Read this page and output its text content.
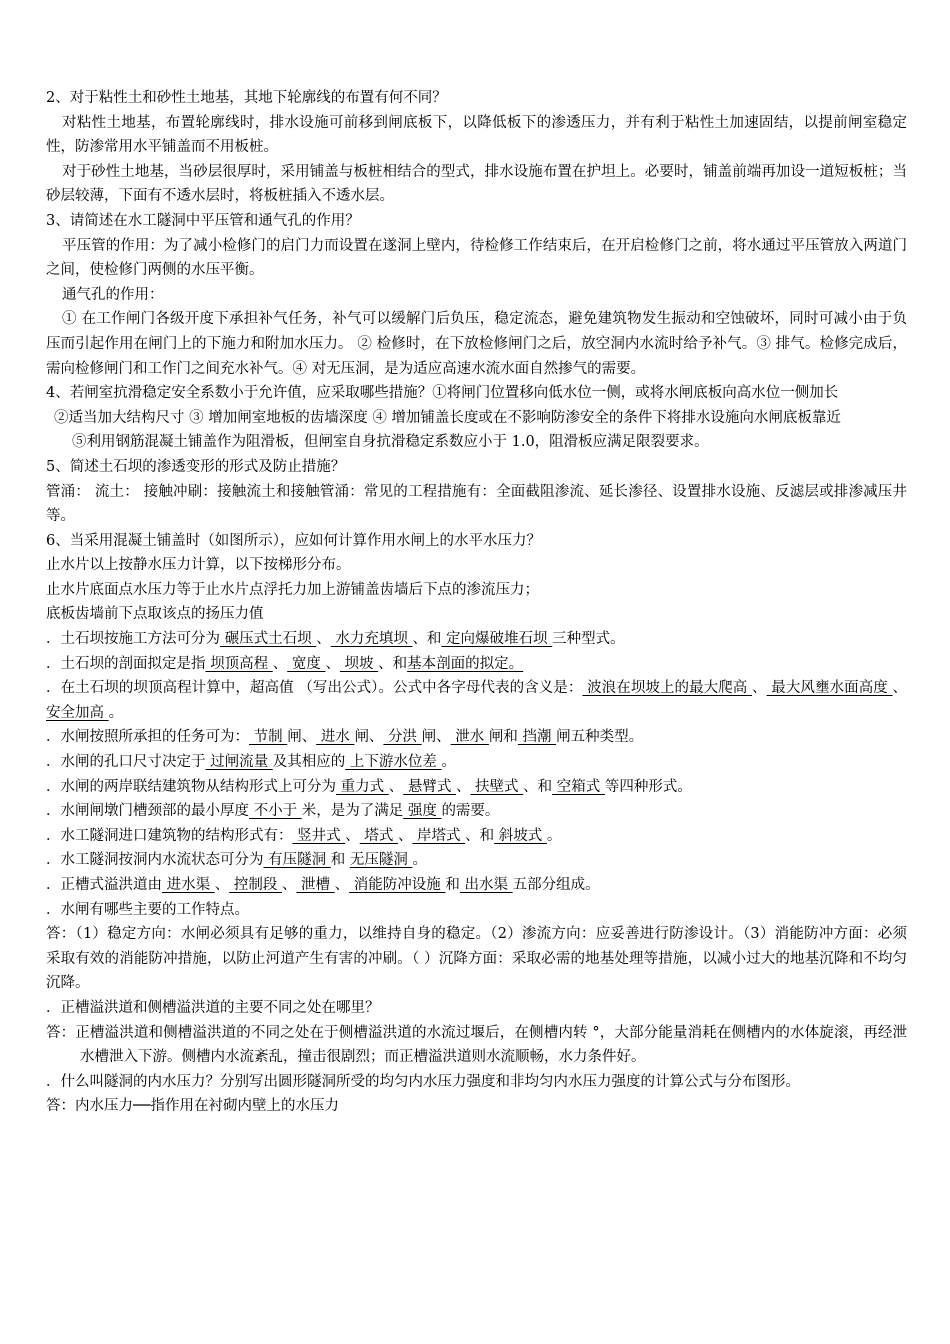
2、对于粘性土和砂性土地基，其地下轮廓线的布置有何不同？

对粘性土地基，布置轮廓线时，排水设施可前移到闸底板下，以降低板下的渗透压力，并有利于粘性土加速固结，以提前闸室稳定性，防渗常用水平铺盖而不用板桩。

对于砂性土地基，当砂层很厚时，采用铺盖与板桩相结合的型式，排水设施布置在护坦上。必要时，铺盖前端再加设一道短板桩；当砂层较薄，下面有不透水层时，将板桩插入不透水层。

3、请简述在水工隧洞中平压管和通气孔的作用？

平压管的作用：为了减小检修门的启门力而设置在遂洞上壁内，待检修工作结束后，在开启检修门之前，将水通过平压管放入两道门之间，使检修门两侧的水压平衡。

通气孔的作用：

① 在工作闸门各级开度下承担补气任务，补气可以缓解门后负压，稳定流态，避免建筑物发生振动和空蚀破坏，同时可减小由于负压而引起作用在闸门上的下施力和附加水压力。 ② 检修时，在下放检修闸门之后，放空洞内水流时给予补气。③ 排气。检修完成后，需向检修闸门和工作门之间充水补气。④ 对无压洞，是为适应高速水流水面自然掺气的需要。

4、若闸室抗滑稳定安全系数小于允许值，应采取哪些措施？①将闸门位置移向低水位一侧，或将水闸底板向高水位一侧加长

②适当加大结构尺寸 ③ 增加闸室地板的齿墙深度 ④ 增加铺盖长度或在不影响防渗安全的条件下将排水设施向水闸底板靠近

⑤利用钢筋混凝土铺盖作为阻滑板，但闸室自身抗滑稳定系数应小于 1.0，阻滑板应满足限裂要求。

5、简述土石坝的渗透变形的形式及防止措施？

管涌： 流土： 接触冲刷：接触流土和接触管涌：常见的工程措施有：全面截阻渗流、延长渗径、设置排水设施、反滤层或排渗减压井等。

6、当采用混凝土铺盖时（如图所示），应如何计算作用水闸上的水平水压力？

止水片以上按静水压力计算，以下按梯形分布。

止水片底面点水压力等于止水片点浮托力加上游铺盖齿墙后下点的渗流压力；

底板齿墙前下点取该点的扬压力值

．土石坝按施工方法可分为 碾压式土石坝 、 水力充填坝 、和 定向爆破堆石坝 三种型式。

．土石坝的剖面拟定是指 坝顶高程 、 宽度 、 坝坡 、和基本剖面的拟定。

．在土石坝的坝顶高程计算中，超高值 （写出公式）。公式中各字母代表的含义是： 波浪在坝坡上的最大爬高 、 最大风壅水面高度 、 安全加高 。

．水闸按照所承担的任务可为： 节制 闸、 进水 闸、 分洪 闸、 泄水 闸和 挡潮 闸五种类型。

．水闸的孔口尺寸决定于 过闸流量 及其相应的 上下游水位差 。

．水闸的两岸联结建筑物从结构形式上可分为 重力式 、 悬臂式 、 扶壁式 、和 空箱式 等四种形式。

．水闸闸墩门槽颈部的最小厚度 不小于 米，是为了满足 强度 的需要。

．水工隧洞进口建筑物的结构形式有： 竖井式 、 塔式 、 岸塔式 、和 斜坡式 。

．水工隧洞按洞内水流状态可分为 有压隧洞 和 无压隧洞 。

．正槽式溢洪道由 进水渠 、 控制段 、 泄槽 、 消能防冲设施 和 出水渠 五部分组成。

．水闸有哪些主要的工作特点。

答：（1）稳定方向：水闸必须具有足够的重力，以维持自身的稳定。（2）渗流方向：应妥善进行防渗设计。（3）消能防冲方面：必须采取有效的消能防冲措施，以防止河道产生有害的冲刷。（ ）沉降方面：采取必需的地基处理等措施，以减小过大的地基沉降和不均匀沉降。

．正槽溢洪道和侧槽溢洪道的主要不同之处在哪里？

答：正槽溢洪道和侧槽溢洪道的不同之处在于侧槽溢洪道的水流过堰后，在侧槽内转 °，大部分能量消耗在侧槽内的水体旋滚，再经泄水槽泄入下游。侧槽内水流紊乱，撞击很剧烈；而正槽溢洪道则水流顺畅，水力条件好。

．什么叫隧洞的内水压力？分别写出圆形隧洞所受的均匀内水压力强度和非均匀内水压力强度的计算公式与分布图形。

答：内水压力──指作用在衬砌内壁上的水压力
